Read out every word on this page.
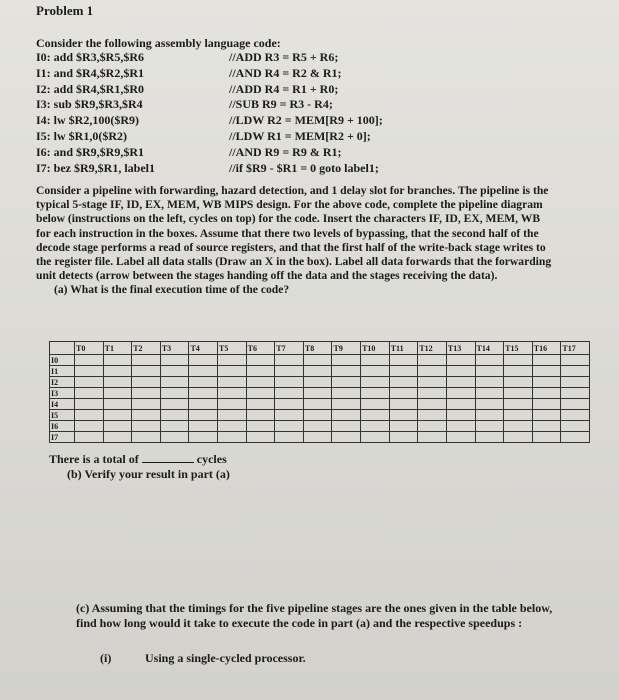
Problem 1
Consider the following assembly language code:
I0: add $R3,$R5,$R6	//ADD R3 = R5 + R6;
I1: and $R4,$R2,$R1	//AND R4 = R2 & R1;
I2: add $R4,$R1,$R0	//ADD R4 = R1 + R0;
I3: sub $R9,$R3,$R4	//SUB R9 = R3 - R4;
I4: lw $R2,100($R9)	//LDW R2 = MEM[R9 + 100];
I5: lw $R1,0($R2)	//LDW R1 = MEM[R2 + 0];
I6: and $R9,$R9,$R1	//AND R9 = R9 & R1;
I7: bez $R9,$R1, label1	//if $R9 - $R1 = 0 goto label1;
Consider a pipeline with forwarding, hazard detection, and 1 delay slot for branches. The pipeline is the typical 5-stage IF, ID, EX, MEM, WB MIPS design. For the above code, complete the pipeline diagram below (instructions on the left, cycles on top) for the code. Insert the characters IF, ID, EX, MEM, WB for each instruction in the boxes. Assume that there two levels of bypassing, that the second half of the decode stage performs a read of source registers, and that the first half of the write-back stage writes to the register file. Label all data stalls (Draw an X in the box). Label all data forwards that the forwarding unit detects (arrow between the stages handing off the data and the stages receiving the data).
(a) What is the final execution time of the code?
	T0	T1	T2	T3	T4	T5	T6	T7	T8	T9	T10	T11	T12	T13	T14	T15	T16	T17
I0																		
I1																		
I2																		
I3																		
I4																		
I5																		
I6																		
I7																		
There is a total of	cycles
(b) Verify your result in part (a)
(c) Assuming that the timings for the five pipeline stages are the ones given in the table below, find how long would it take to execute the code in part (a) and the respective speedups :
(i)	Using a single-cycled processor.
